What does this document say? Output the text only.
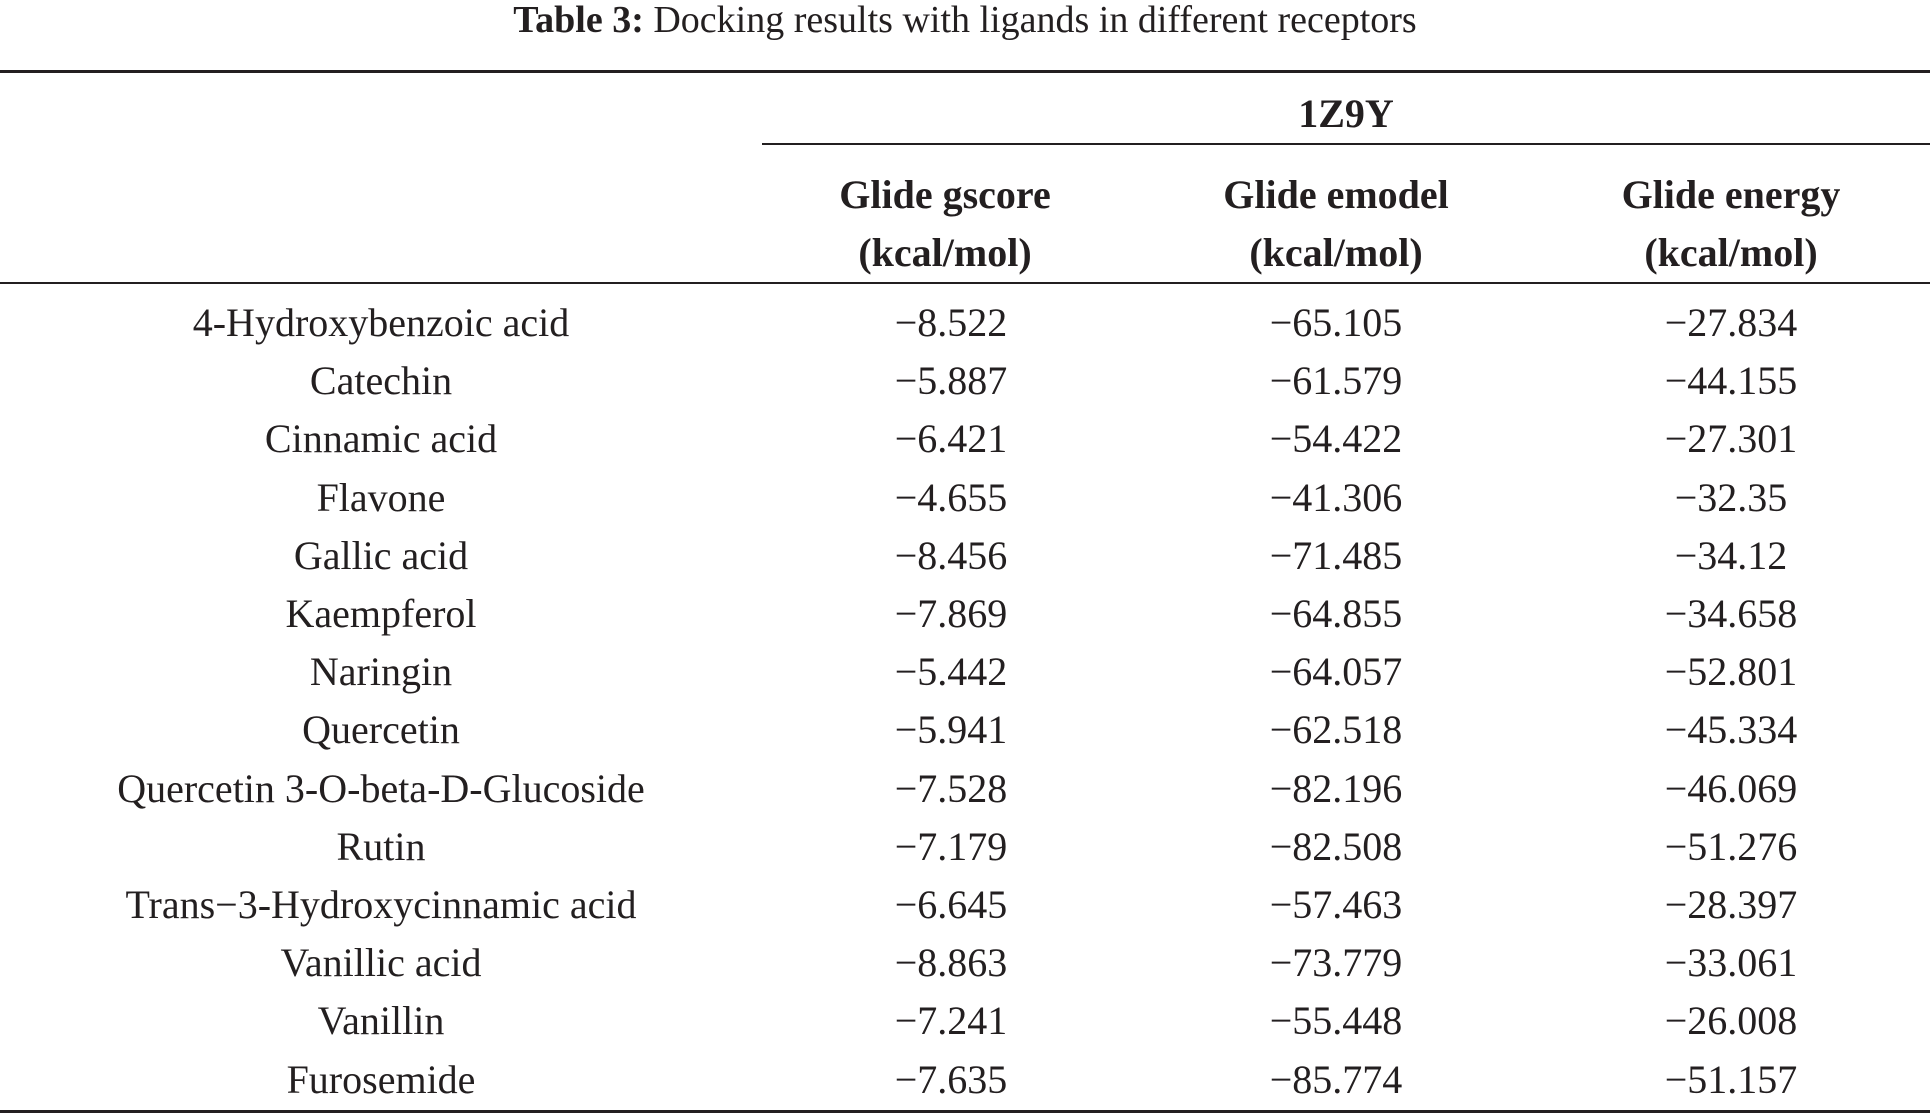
Table 3: Docking results with ligands in different receptors
1Z9Y
Glide gscore
(kcal/mol)
Glide emodel
(kcal/mol)
Glide energy
(kcal/mol)
4-Hydroxybenzoic acid	−8.522	−65.105	−27.834
Catechin	−5.887	−61.579	−44.155
Cinnamic acid	−6.421	−54.422	−27.301
Flavone	−4.655	−41.306	−32.35
Gallic acid	−8.456	−71.485	−34.12
Kaempferol	−7.869	−64.855	−34.658
Naringin	−5.442	−64.057	−52.801
Quercetin	−5.941	−62.518	−45.334
Quercetin 3-O-beta-D-Glucoside	−7.528	−82.196	−46.069
Rutin	−7.179	−82.508	−51.276
Trans−3-Hydroxycinnamic acid	−6.645	−57.463	−28.397
Vanillic acid	−8.863	−73.779	−33.061
Vanillin	−7.241	−55.448	−26.008
Furosemide	−7.635	−85.774	−51.157
